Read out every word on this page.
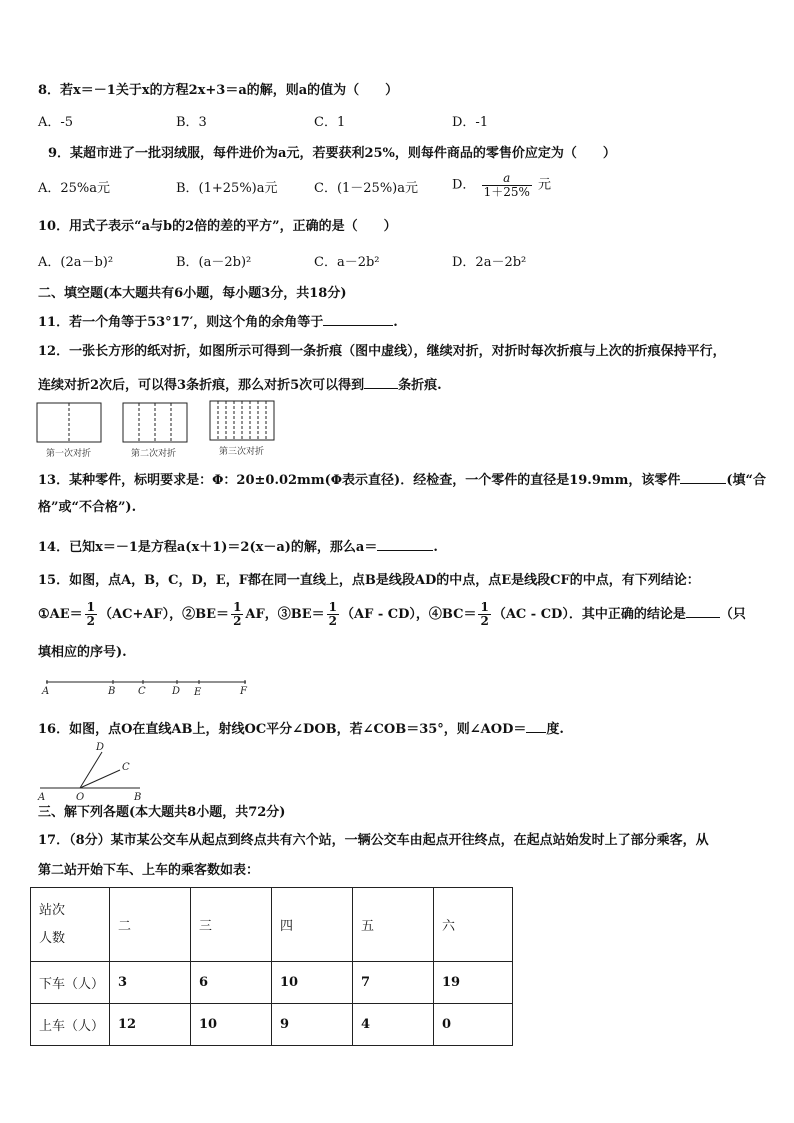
8．若x＝－1关于x的方程2x+3＝a的解，则a的值为（　　）
A．-5	B．3	C．1	D．-1
9．某超市进了一批羽绒服，每件进价为a元，若要获利25%，则每件商品的零售价应定为（　　）
A．25%a元	B．(1+25%)a元	C．(1－25%)a元	D． $\frac{a}{1+25\%}$ 元
10．用式子表示“a与b的2倍的差的平方”，正确的是（　　）
A．(2a－b)²	B．(a－2b)²	C．a－2b²	D．2a－2b²
二、填空题(本大题共有6小题，每小题3分，共18分)
11．若一个角等于53°17′，则这个角的余角等于	.
12．一张长方形的纸对折，如图所示可得到一条折痕（图中虚线），继续对折，对折时每次折痕与上次的折痕保持平行，
连续对折2次后，可以得3条折痕，那么对折5次可以得到	条折痕.
第一次对折	第二次对折	第三次对折
13．某种零件，标明要求是：Φ：20±0.02mm(Φ表示直径)．经检查，一个零件的直径是19.9mm，该零件	(填“合
格”或“不合格”).
14．已知x＝－1是方程a(x＋1)＝2(x－a)的解，那么a＝	.
15．如图，点A，B，C，D，E，F都在同一直线上，点B是线段AD的中点，点E是线段CF的中点，有下列结论：
①AE＝ $\frac{1}{2} (AC+AF)$，②BE＝ $\frac{1}{2}$ AF，③BE＝ $\frac{1}{2} (AF - CD)$，④BC＝ $\frac{1}{2} (AC - CD)$．其中正确的结论是	（只
填相应的序号).
A	B C	D E	F
16．如图，点O在直线AB上，射线OC平分∠DOB，若∠COB＝35°，则∠AOD＝ 度.
D
C
A	O	B
三、解下列各题(本大题共8小题，共72分)
17．（8分）某市某公交车从起点到终点共有六个站，一辆公交车由起点开往终点，在起点站始发时上了部分乘客，从
第二站开始下车、上车的乘客数如表：
站次
人数	二	三	四	五	六
下车（人）	3	6	10	7	19
上车（人）	12	10	9	4	0
